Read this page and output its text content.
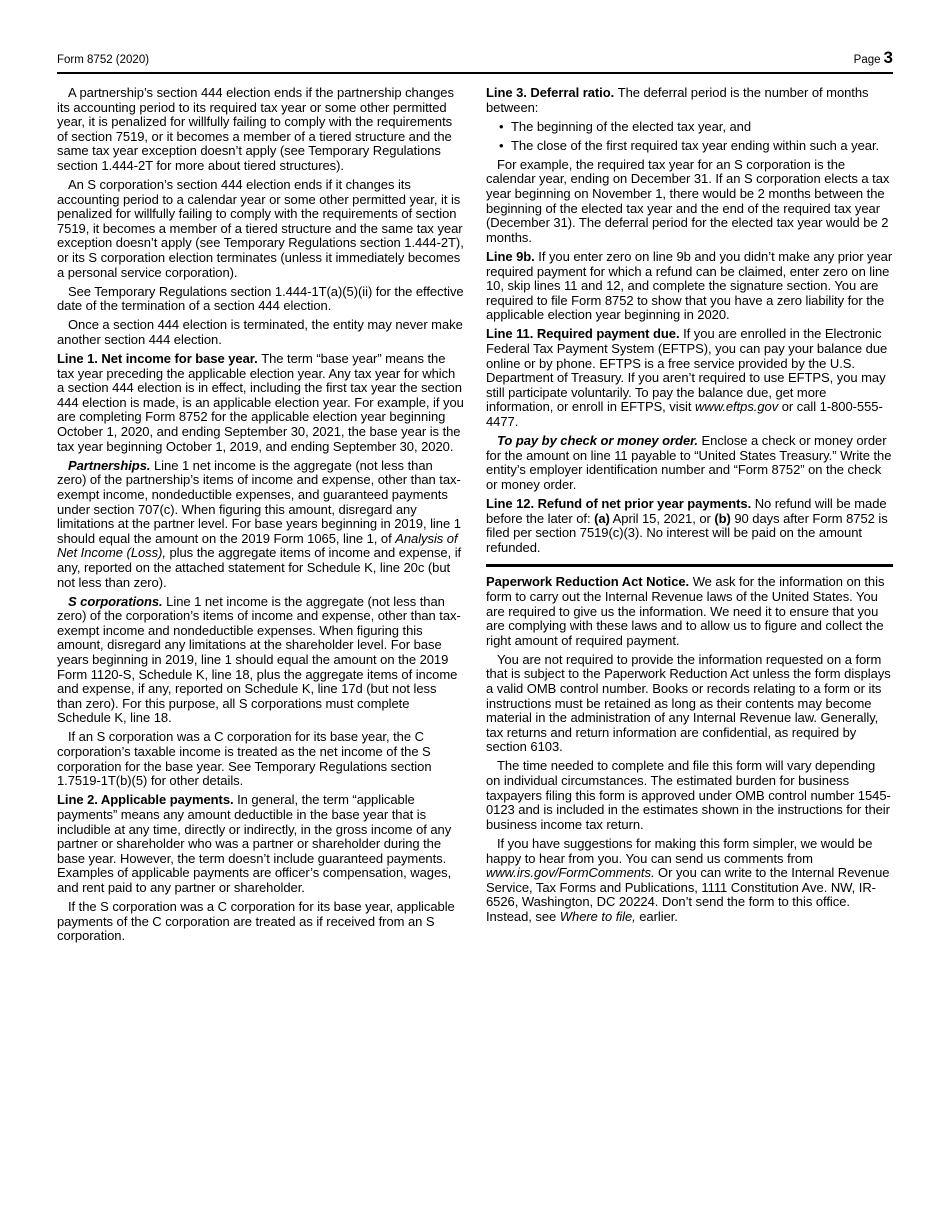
Form 8752 (2020)	Page 3

A partnership’s section 444 election ends if the partnership changes its accounting period to its required tax year or some other permitted year, it is penalized for willfully failing to comply with the requirements of section 7519, or it becomes a member of a tiered structure and the same tax year exception doesn’t apply (see Temporary Regulations section 1.444-2T for more about tiered structures).

An S corporation’s section 444 election ends if it changes its accounting period to a calendar year or some other permitted year, it is penalized for willfully failing to comply with the requirements of section 7519, it becomes a member of a tiered structure and the same tax year exception doesn’t apply (see Temporary Regulations section 1.444-2T), or its S corporation election terminates (unless it immediately becomes a personal service corporation).

See Temporary Regulations section 1.444-1T(a)(5)(ii) for the effective date of the termination of a section 444 election.

Once a section 444 election is terminated, the entity may never make another section 444 election.

Line 1. Net income for base year. The term “base year” means the tax year preceding the applicable election year. Any tax year for which a section 444 election is in effect, including the first tax year the section 444 election is made, is an applicable election year. For example, if you are completing Form 8752 for the applicable election year beginning October 1, 2020, and ending September 30, 2021, the base year is the tax year beginning October 1, 2019, and ending September 30, 2020.

Partnerships. Line 1 net income is the aggregate (not less than zero) of the partnership’s items of income and expense, other than tax-exempt income, nondeductible expenses, and guaranteed payments under section 707(c). When figuring this amount, disregard any limitations at the partner level. For base years beginning in 2019, line 1 should equal the amount on the 2019 Form 1065, line 1, of Analysis of Net Income (Loss), plus the aggregate items of income and expense, if any, reported on the attached statement for Schedule K, line 20c (but not less than zero).

S corporations. Line 1 net income is the aggregate (not less than zero) of the corporation’s items of income and expense, other than tax-exempt income and nondeductible expenses. When figuring this amount, disregard any limitations at the shareholder level. For base years beginning in 2019, line 1 should equal the amount on the 2019 Form 1120-S, Schedule K, line 18, plus the aggregate items of income and expense, if any, reported on Schedule K, line 17d (but not less than zero). For this purpose, all S corporations must complete Schedule K, line 18.

If an S corporation was a C corporation for its base year, the C corporation’s taxable income is treated as the net income of the S corporation for the base year. See Temporary Regulations section 1.7519-1T(b)(5) for other details.

Line 2. Applicable payments. In general, the term “applicable payments” means any amount deductible in the base year that is includible at any time, directly or indirectly, in the gross income of any partner or shareholder who was a partner or shareholder during the base year. However, the term doesn’t include guaranteed payments. Examples of applicable payments are officer’s compensation, wages, and rent paid to any partner or shareholder.

If the S corporation was a C corporation for its base year, applicable payments of the C corporation are treated as if received from an S corporation.

Line 3. Deferral ratio. The deferral period is the number of months between:

• The beginning of the elected tax year, and

• The close of the first required tax year ending within such a year.

For example, the required tax year for an S corporation is the calendar year, ending on December 31. If an S corporation elects a tax year beginning on November 1, there would be 2 months between the beginning of the elected tax year and the end of the required tax year (December 31). The deferral period for the elected tax year would be 2 months.

Line 9b. If you enter zero on line 9b and you didn’t make any prior year required payment for which a refund can be claimed, enter zero on line 10, skip lines 11 and 12, and complete the signature section. You are required to file Form 8752 to show that you have a zero liability for the applicable election year beginning in 2020.

Line 11. Required payment due. If you are enrolled in the Electronic Federal Tax Payment System (EFTPS), you can pay your balance due online or by phone. EFTPS is a free service provided by the U.S. Department of Treasury. If you aren’t required to use EFTPS, you may still participate voluntarily. To pay the balance due, get more information, or enroll in EFTPS, visit www.eftps.gov or call 1-800-555-4477.

To pay by check or money order. Enclose a check or money order for the amount on line 11 payable to “United States Treasury.” Write the entity’s employer identification number and “Form 8752” on the check or money order.

Line 12. Refund of net prior year payments. No refund will be made before the later of: (a) April 15, 2021, or (b) 90 days after Form 8752 is filed per section 7519(c)(3). No interest will be paid on the amount refunded.

Paperwork Reduction Act Notice. We ask for the information on this form to carry out the Internal Revenue laws of the United States. You are required to give us the information. We need it to ensure that you are complying with these laws and to allow us to figure and collect the right amount of required payment.

You are not required to provide the information requested on a form that is subject to the Paperwork Reduction Act unless the form displays a valid OMB control number. Books or records relating to a form or its instructions must be retained as long as their contents may become material in the administration of any Internal Revenue law. Generally, tax returns and return information are confidential, as required by section 6103.

The time needed to complete and file this form will vary depending on individual circumstances. The estimated burden for business taxpayers filing this form is approved under OMB control number 1545-0123 and is included in the estimates shown in the instructions for their business income tax return.

If you have suggestions for making this form simpler, we would be happy to hear from you. You can send us comments from www.irs.gov/FormComments. Or you can write to the Internal Revenue Service, Tax Forms and Publications, 1111 Constitution Ave. NW, IR-6526, Washington, DC 20224. Don’t send the form to this office. Instead, see Where to file, earlier.
